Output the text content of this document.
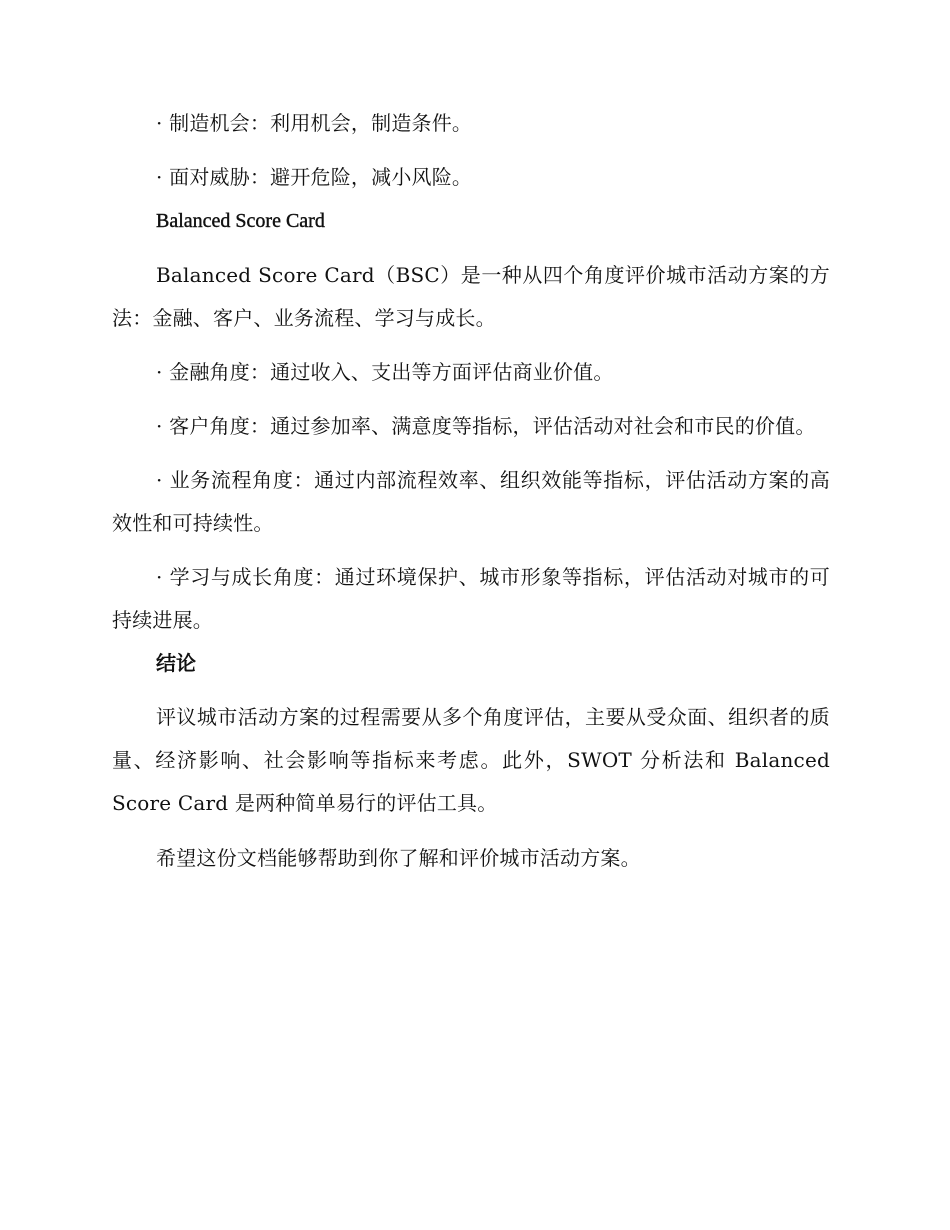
· 制造机会：利用机会，制造条件。

· 面对威胁：避开危险，减小风险。

Balanced Score Card

Balanced Score Card（BSC）是一种从四个角度评价城市活动方案的方法：金融、客户、业务流程、学习与成长。

· 金融角度：通过收入、支出等方面评估商业价值。

· 客户角度：通过参加率、满意度等指标，评估活动对社会和市民的价值。

· 业务流程角度：通过内部流程效率、组织效能等指标，评估活动方案的高效性和可持续性。

· 学习与成长角度：通过环境保护、城市形象等指标，评估活动对城市的可持续进展。

结论

评议城市活动方案的过程需要从多个角度评估，主要从受众面、组织者的质量、经济影响、社会影响等指标来考虑。此外，SWOT 分析法和 Balanced Score Card 是两种简单易行的评估工具。

希望这份文档能够帮助到你了解和评价城市活动方案。
